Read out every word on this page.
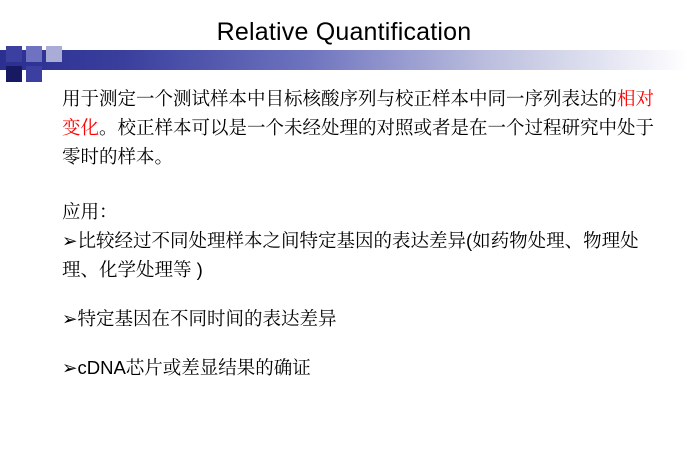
Relative Quantification

用于测定一个测试样本中目标核酸序列与校正样本中同一序列表达的相对变化。校正样本可以是一个未经处理的对照或者是在一个过程研究中处于零时的样本。

应用：

➢比较经过不同处理样本之间特定基因的表达差异(如药物处理、物理处理、化学处理等 )

➢特定基因在不同时间的表达差异

➢cDNA芯片或差显结果的确证
